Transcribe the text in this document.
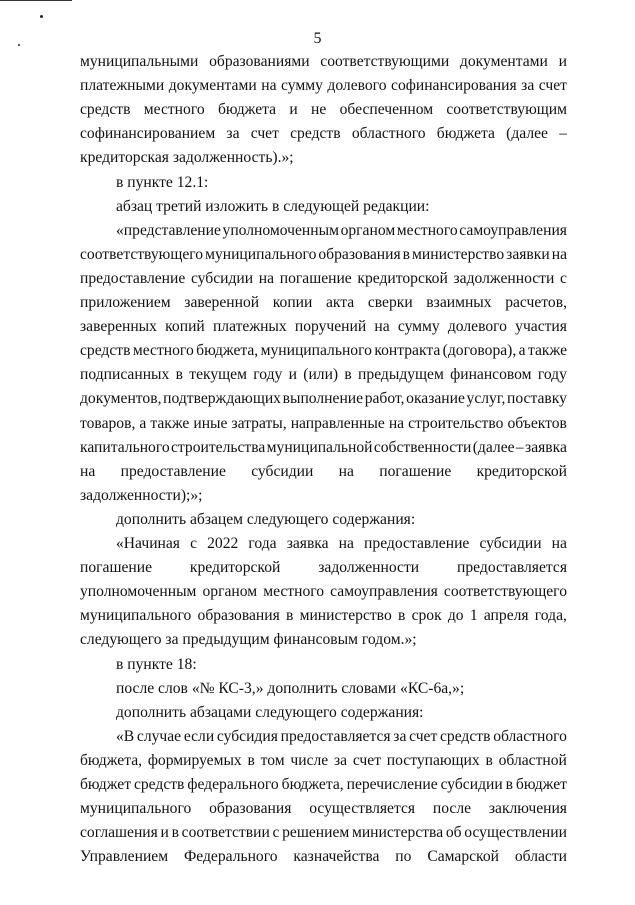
5
муниципальными образованиями соответствующими документами и
платежными документами на сумму долевого софинансирования за счет
средств местного бюджета и не обеспеченном соответствующим
софинансированием за счет средств областного бюджета (далее –
кредиторская задолженность).»;
в пункте 12.1:
абзац третий изложить в следующей редакции:
«представление уполномоченным органом местного самоуправления
соответствующего муниципального образования в министерство заявки на
предоставление субсидии на погашение кредиторской задолженности с
приложением заверенной копии акта сверки взаимных расчетов,
заверенных копий платежных поручений на сумму долевого участия
средств местного бюджета, муниципального контракта (договора), а также
подписанных в текущем году и (или) в предыдущем финансовом году
документов, подтверждающих выполнение работ, оказание услуг, поставку
товаров, а также иные затраты, направленные на строительство объектов
капитального строительства муниципальной собственности (далее – заявка
на предоставление субсидии на погашение кредиторской
задолженности);»;
дополнить абзацем следующего содержания:
«Начиная с 2022 года заявка на предоставление субсидии на
погашение кредиторской задолженности предоставляется
уполномоченным органом местного самоуправления соответствующего
муниципального образования в министерство в срок до 1 апреля года,
следующего за предыдущим финансовым годом.»;
в пункте 18:
после слов «№ КС-3,» дополнить словами «КС-6а,»;
дополнить абзацами следующего содержания:
«В случае если субсидия предоставляется за счет средств областного
бюджета, формируемых в том числе за счет поступающих в областной
бюджет средств федерального бюджета, перечисление субсидии в бюджет
муниципального образования осуществляется после заключения
соглашения и в соответствии с решением министерства об осуществлении
Управлением Федерального казначейства по Самарской области
